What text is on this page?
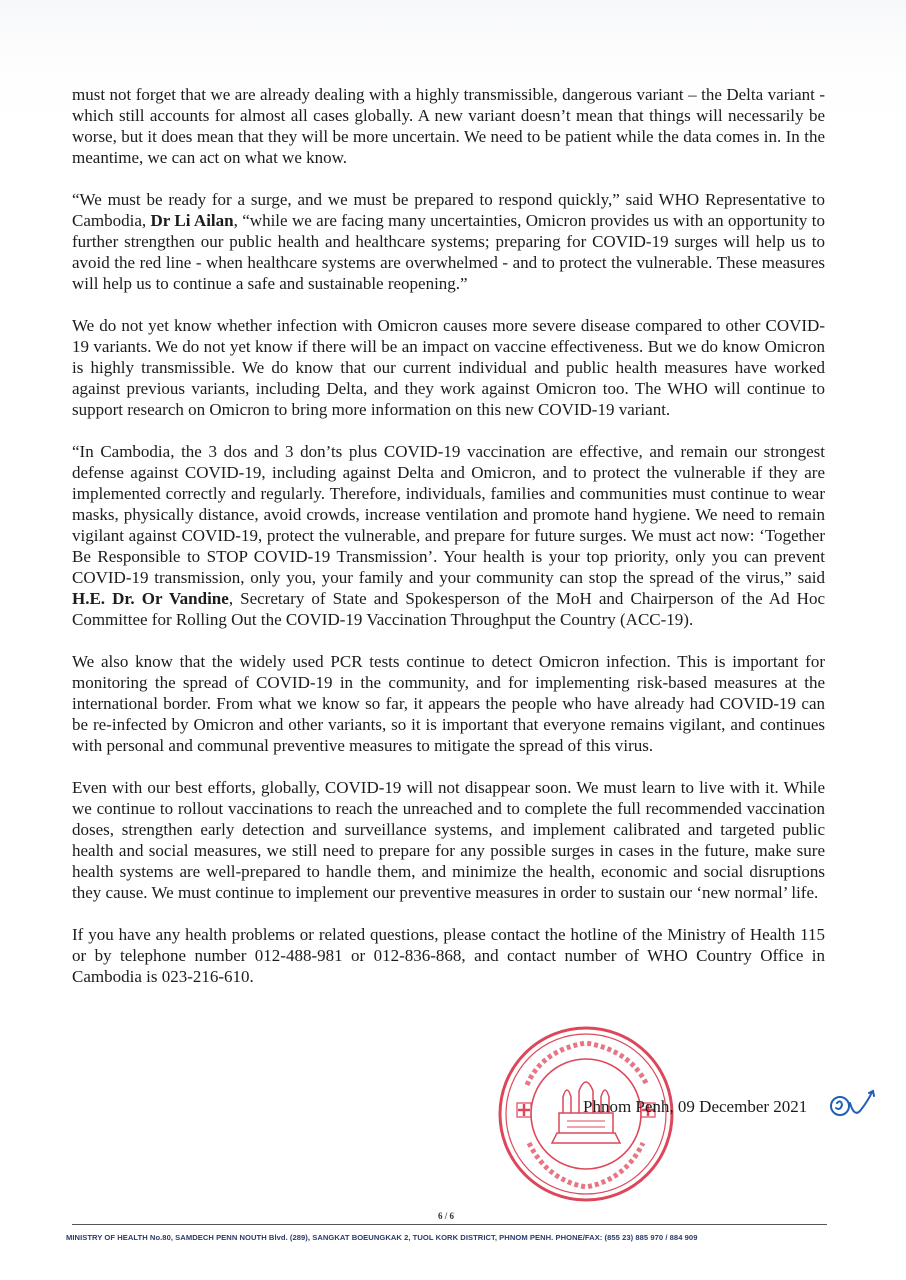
must not forget that we are already dealing with a highly transmissible, dangerous variant – the Delta variant - which still accounts for almost all cases globally. A new variant doesn’t mean that things will necessarily be worse, but it does mean that they will be more uncertain. We need to be patient while the data comes in. In the meantime, we can act on what we know.

“We must be ready for a surge, and we must be prepared to respond quickly,” said WHO Representative to Cambodia, Dr Li Ailan, “while we are facing many uncertainties, Omicron provides us with an opportunity to further strengthen our public health and healthcare systems; preparing for COVID-19 surges will help us to avoid the red line - when healthcare systems are overwhelmed - and to protect the vulnerable. These measures will help us to continue a safe and sustainable reopening.”

We do not yet know whether infection with Omicron causes more severe disease compared to other COVID-19 variants. We do not yet know if there will be an impact on vaccine effectiveness. But we do know Omicron is highly transmissible. We do know that our current individual and public health measures have worked against previous variants, including Delta, and they work against Omicron too. The WHO will continue to support research on Omicron to bring more information on this new COVID-19 variant.

“In Cambodia, the 3 dos and 3 don’ts plus COVID-19 vaccination are effective, and remain our strongest defense against COVID-19, including against Delta and Omicron, and to protect the vulnerable if they are implemented correctly and regularly. Therefore, individuals, families and communities must continue to wear masks, physically distance, avoid crowds, increase ventilation and promote hand hygiene. We need to remain vigilant against COVID-19, protect the vulnerable, and prepare for future surges. We must act now: ‘Together Be Responsible to STOP COVID-19 Transmission’. Your health is your top priority, only you can prevent COVID-19 transmission, only you, your family and your community can stop the spread of the virus,” said H.E. Dr. Or Vandine, Secretary of State and Spokesperson of the MoH and Chairperson of the Ad Hoc Committee for Rolling Out the COVID-19 Vaccination Throughput the Country (ACC-19).

We also know that the widely used PCR tests continue to detect Omicron infection. This is important for monitoring the spread of COVID-19 in the community, and for implementing risk-based measures at the international border. From what we know so far, it appears the people who have already had COVID-19 can be re-infected by Omicron and other variants, so it is important that everyone remains vigilant, and continues with personal and communal preventive measures to mitigate the spread of this virus.

Even with our best efforts, globally, COVID-19 will not disappear soon. We must learn to live with it. While we continue to rollout vaccinations to reach the unreached and to complete the full recommended vaccination doses, strengthen early detection and surveillance systems, and implement calibrated and targeted public health and social measures, we still need to prepare for any possible surges in cases in the future, make sure health systems are well-prepared to handle them, and minimize the health, economic and social disruptions they cause. We must continue to implement our preventive measures in order to sustain our ‘new normal’ life.

If you have any health problems or related questions, please contact the hotline of the Ministry of Health 115 or by telephone number 012-488-981 or 012-836-868, and contact number of WHO Country Office in Cambodia is 023-216-610.

Phnom Penh, 09 December 2021
6 / 6
MINISTRY OF HEALTH No.80, SAMDECH PENN NOUTH Blvd. (289), SANGKAT BOEUNGKAK 2, TUOL KORK DISTRICT, PHNOM PENH. PHONE/FAX: (855 23) 885 970 / 884 909
